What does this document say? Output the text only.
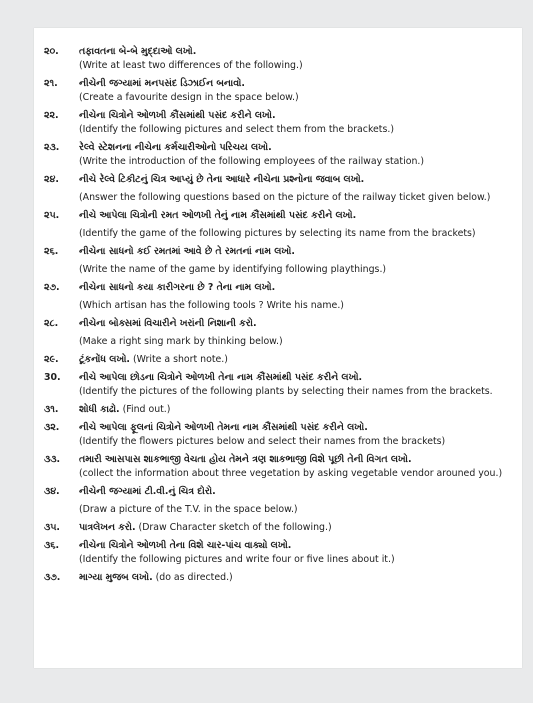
૨૦.	તફાવતના બે-બે મુદ્દાઓ લખો.
(Write at least two differences of the following.)
૨૧.	નીચેની જગ્યામાં મનપસંદ ડિઝાઈન બનાવો.
(Create a favourite design in the space below.)
૨૨.	નીચેના ચિત્રોને ઓળખી કૌંસમાંથી પસંદ કરીને લખો.
(Identify the following pictures and select them from the brackets.)
૨૩.	રેલ્વે સ્ટેશનના નીચેના કર્મચારીઓનો પરિચય લખો.
(Write the introduction of the following employees of the railway station.)
૨૪.	નીચે રેલ્વે ટિકીટનું ચિત્ર આપ્યું છે તેના આધારે નીચેના પ્રશ્નોના જવાબ લખો.
(Answer the following questions based on the picture of the railway ticket given below.)
૨૫.	નીચે આપેલા ચિત્રોની રમત ઓળખી તેનું નામ કૌંસમાંથી પસંદ કરીને લખો.
(Identify the game of the following pictures by selecting its name from the brackets)
૨૬.	નીચેના સાધનો કઈ રમતમાં આવે છે તે રમતનાં નામ લખો.
(Write the name of the game by identifying following playthings.)
૨૭.	નીચેના સાધનો કયા કારીગરના છે ? તેના નામ લખો.
(Which artisan has the following tools ? Write his name.)
૨૮.	નીચેના બોક્સમાં વિચારીને ખરાંની નિશાની કરો.
(Make a right sing mark by thinking below.)
૨૯.	ટૂંકનોંધ લખો. (Write a short note.)
30.	નીચે આપેલા છોડના ચિત્રોને ઓળખી તેના નામ કૌંસમાંથી પસંદ કરીને લખો.
(Identify the pictures of the following plants by selecting their names from the brackets.
૩૧.	શોધી કાઢો. (Find out.)
૩૨.	નીચે આપેલા ફૂલનાં ચિત્રોને ઓળખી તેમના નામ કૌંસમાંથી પસંદ કરીને લખો.
(Identify the flowers pictures below and select their names from the brackets)
૩૩.	તમારી આસપાસ શાકભાજી વેચતા હોય તેમને ત્રણ શાકભાજી વિશે પૂછી તેની વિગત લખો.
(collect the information about three vegetation by asking vegetable vendor arouned you.)
૩૪.	નીચેની જગ્યામાં ટી.વી.નું ચિત્ર દોરો.
(Draw a picture of the T.V. in the space below.)
૩૫.	પાત્રલેખન કરો. (Draw Character sketch of the following.)
૩૬.	નીચેના ચિત્રોને ઓળખી તેના વિશે ચાર-પાંચ વાક્યો લખો.
(Identify the following pictures and write four or five lines about it.)
૩૭.	માગ્યા મુજબ લખો. (do as directed.)
